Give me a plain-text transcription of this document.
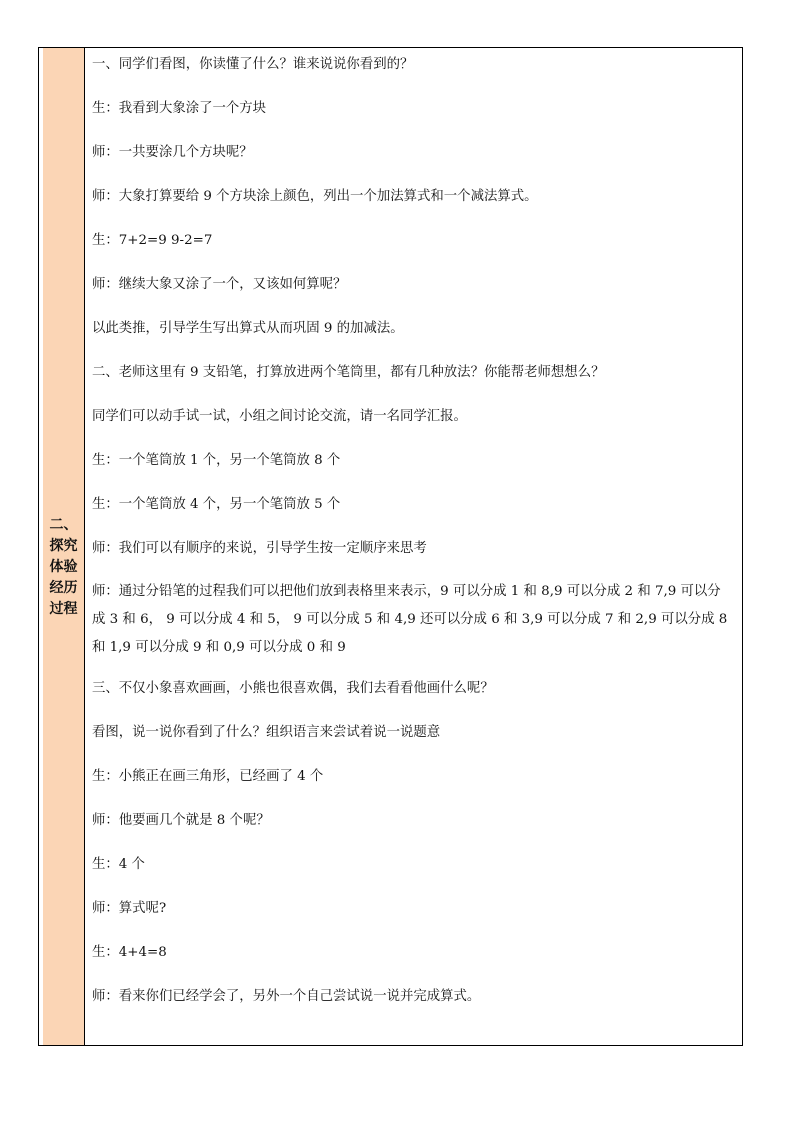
二、探究体验经历过程

一、同学们看图，你读懂了什么？谁来说说你看到的？

生：我看到大象涂了一个方块

师：一共要涂几个方块呢？

师：大象打算要给 9 个方块涂上颜色，列出一个加法算式和一个减法算式。

生：7+2=9 9-2=7

师：继续大象又涂了一个，又该如何算呢？

以此类推，引导学生写出算式从而巩固 9 的加减法。

二、老师这里有 9 支铅笔，打算放进两个笔筒里，都有几种放法？你能帮老师想想么？

同学们可以动手试一试，小组之间讨论交流，请一名同学汇报。

生：一个笔筒放 1 个，另一个笔筒放 8 个

生：一个笔筒放 4 个，另一个笔筒放 5 个

师：我们可以有顺序的来说，引导学生按一定顺序来思考

师：通过分铅笔的过程我们可以把他们放到表格里来表示，9 可以分成 1 和 8,9 可以分成 2 和 7,9 可以分成 3 和 6， 9 可以分成 4 和 5， 9 可以分成 5 和 4,9 还可以分成 6 和 3,9 可以分成 7 和 2,9 可以分成 8 和 1,9 可以分成 9 和 0,9 可以分成 0 和 9

三、不仅小象喜欢画画，小熊也很喜欢偶，我们去看看他画什么呢？

看图，说一说你看到了什么？组织语言来尝试着说一说题意

生：小熊正在画三角形，已经画了 4 个

师：他要画几个就是 8 个呢？

生：4 个

师：算式呢?

生：4+4=8

师：看来你们已经学会了，另外一个自己尝试说一说并完成算式。
